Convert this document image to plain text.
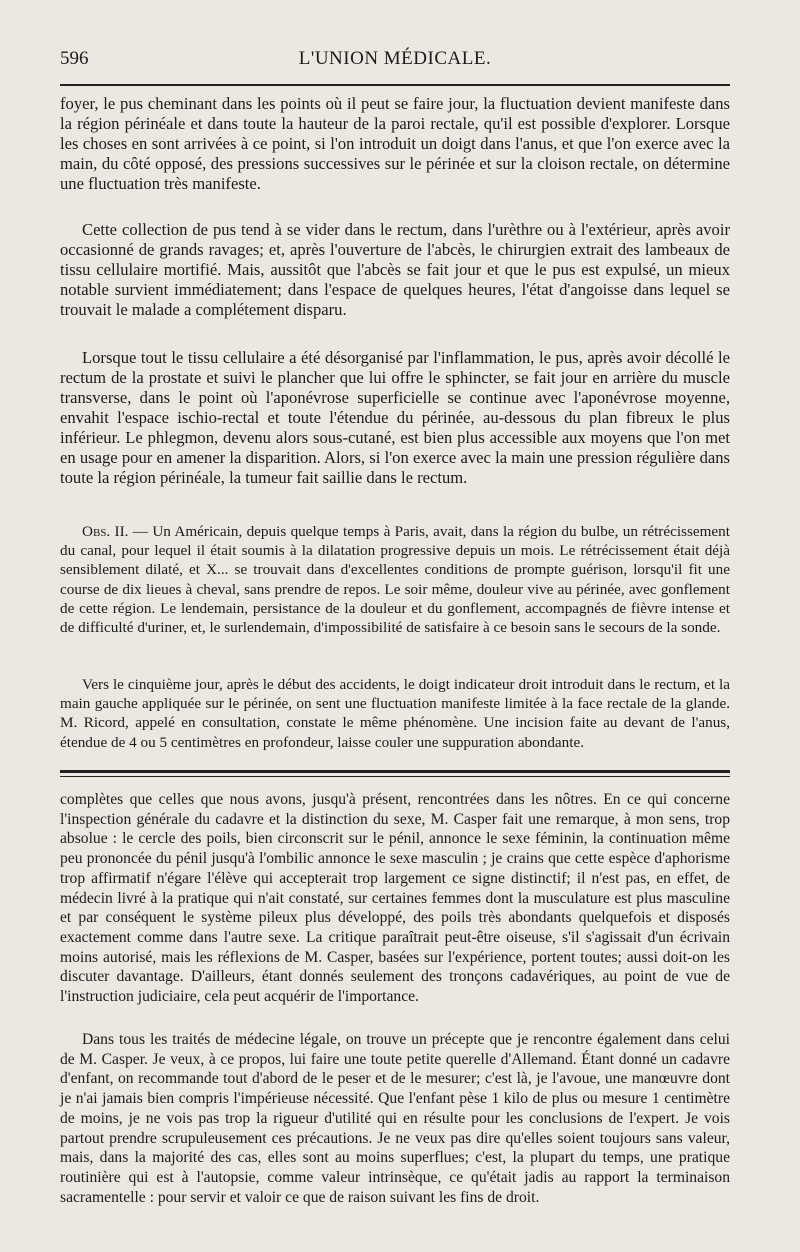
596	L'UNION MÉDICALE.

foyer, le pus cheminant dans les points où il peut se faire jour, la fluctuation devient manifeste dans la région périnéale et dans toute la hauteur de la paroi rectale, qu'il est possible d'explorer. Lorsque les choses en sont arrivées à ce point, si l'on introduit un doigt dans l'anus, et que l'on exerce avec la main, du côté opposé, des pressions successives sur le périnée et sur la cloison rectale, on détermine une fluctuation très manifeste.

Cette collection de pus tend à se vider dans le rectum, dans l'urèthre ou à l'extérieur, après avoir occasionné de grands ravages; et, après l'ouverture de l'abcès, le chirurgien extrait des lambeaux de tissu cellulaire mortifié. Mais, aussitôt que l'abcès se fait jour et que le pus est expulsé, un mieux notable survient immédiatement; dans l'espace de quelques heures, l'état d'angoisse dans lequel se trouvait le malade a complétement disparu.

Lorsque tout le tissu cellulaire a été désorganisé par l'inflammation, le pus, après avoir décollé le rectum de la prostate et suivi le plancher que lui offre le sphincter, se fait jour en arrière du muscle transverse, dans le point où l'aponévrose superficielle se continue avec l'aponévrose moyenne, envahit l'espace ischio-rectal et toute l'étendue du périnée, au-dessous du plan fibreux le plus inférieur. Le phlegmon, devenu alors sous-cutané, est bien plus accessible aux moyens que l'on met en usage pour en amener la disparition. Alors, si l'on exerce avec la main une pression régulière dans toute la région périnéale, la tumeur fait saillie dans le rectum.

Obs. II. — Un Américain, depuis quelque temps à Paris, avait, dans la région du bulbe, un rétrécissement du canal, pour lequel il était soumis à la dilatation progressive depuis un mois. Le rétrécissement était déjà sensiblement dilaté, et X... se trouvait dans d'excellentes conditions de prompte guérison, lorsqu'il fit une course de dix lieues à cheval, sans prendre de repos. Le soir même, douleur vive au périnée, avec gonflement de cette région. Le lendemain, persistance de la douleur et du gonflement, accompagnés de fièvre intense et de difficulté d'uriner, et, le surlendemain, d'impossibilité de satisfaire à ce besoin sans le secours de la sonde.

Vers le cinquième jour, après le début des accidents, le doigt indicateur droit introduit dans le rectum, et la main gauche appliquée sur le périnée, on sent une fluctuation manifeste limitée à la face rectale de la glande. M. Ricord, appelé en consultation, constate le même phénomène. Une incision faite au devant de l'anus, étendue de 4 ou 5 centimètres en profondeur, laisse couler une suppuration abondante.

complètes que celles que nous avons, jusqu'à présent, rencontrées dans les nôtres. En ce qui concerne l'inspection générale du cadavre et la distinction du sexe, M. Casper fait une remarque, à mon sens, trop absolue : le cercle des poils, bien circonscrit sur le pénil, annonce le sexe féminin, la continuation même peu prononcée du pénil jusqu'à l'ombilic annonce le sexe masculin ; je crains que cette espèce d'aphorisme trop affirmatif n'égare l'élève qui accepterait trop largement ce signe distinctif; il n'est pas, en effet, de médecin livré à la pratique qui n'ait constaté, sur certaines femmes dont la musculature est plus masculine et par conséquent le système pileux plus développé, des poils très abondants quelquefois et disposés exactement comme dans l'autre sexe. La critique paraîtrait peut-être oiseuse, s'il s'agissait d'un écrivain moins autorisé, mais les réflexions de M. Casper, basées sur l'expérience, portent toutes; aussi doit-on les discuter davantage. D'ailleurs, étant donnés seulement des tronçons cadavériques, au point de vue de l'instruction judiciaire, cela peut acquérir de l'importance.

Dans tous les traités de médecine légale, on trouve un précepte que je rencontre également dans celui de M. Casper. Je veux, à ce propos, lui faire une toute petite querelle d'Allemand. Étant donné un cadavre d'enfant, on recommande tout d'abord de le peser et de le mesurer; c'est là, je l'avoue, une manœuvre dont je n'ai jamais bien compris l'impérieuse nécessité. Que l'enfant pèse 1 kilo de plus ou mesure 1 centimètre de moins, je ne vois pas trop la rigueur d'utilité qui en résulte pour les conclusions de l'expert. Je vois partout prendre scrupuleusement ces précautions. Je ne veux pas dire qu'elles soient toujours sans valeur, mais, dans la majorité des cas, elles sont au moins superflues; c'est, la plupart du temps, une pratique routinière qui est à l'autopsie, comme valeur intrinsèque, ce qu'était jadis au rapport la terminaison sacramentelle : pour servir et valoir ce que de raison suivant les fins de droit.
